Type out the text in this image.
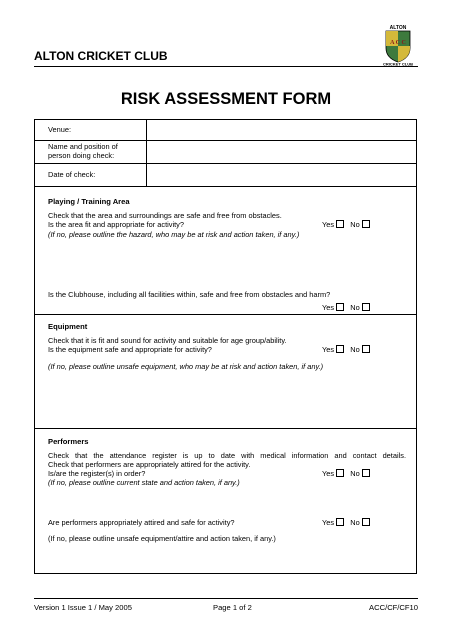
ALTON CRICKET CLUB
ALTON
A C C
CRICKET CLUB
RISK ASSESSMENT FORM
Venue:
Name and position of
person doing check:
Date of check:
Playing / Training Area
Check that the area and surroundings are safe and free from obstacles.
Is the area fit and appropriate for activity?	Yes No
(If no, please outline the hazard, who may be at risk and action taken, if any.)
Is the Clubhouse, including all facilities within, safe and free from obstacles and harm?
Yes No
Equipment
Check that it is fit and sound for activity and suitable for age group/ability.
Is the equipment safe and appropriate for activity?	Yes No
(If no, please outline unsafe equipment, who may be at risk and action taken, if any.)
Performers
Check that the attendance register is up to date with medical information and contact details.
Check that performers are appropriately attired for the activity.
Is/are the register(s) in order?	Yes No
(If no, please outline current state and action taken, if any.)
Are performers appropriately attired and safe for activity?	Yes No
(If no, please outline unsafe equipment/attire and action taken, if any.)
Version 1 Issue 1 / May 2005	Page 1 of 2	ACC/CF/CF10
